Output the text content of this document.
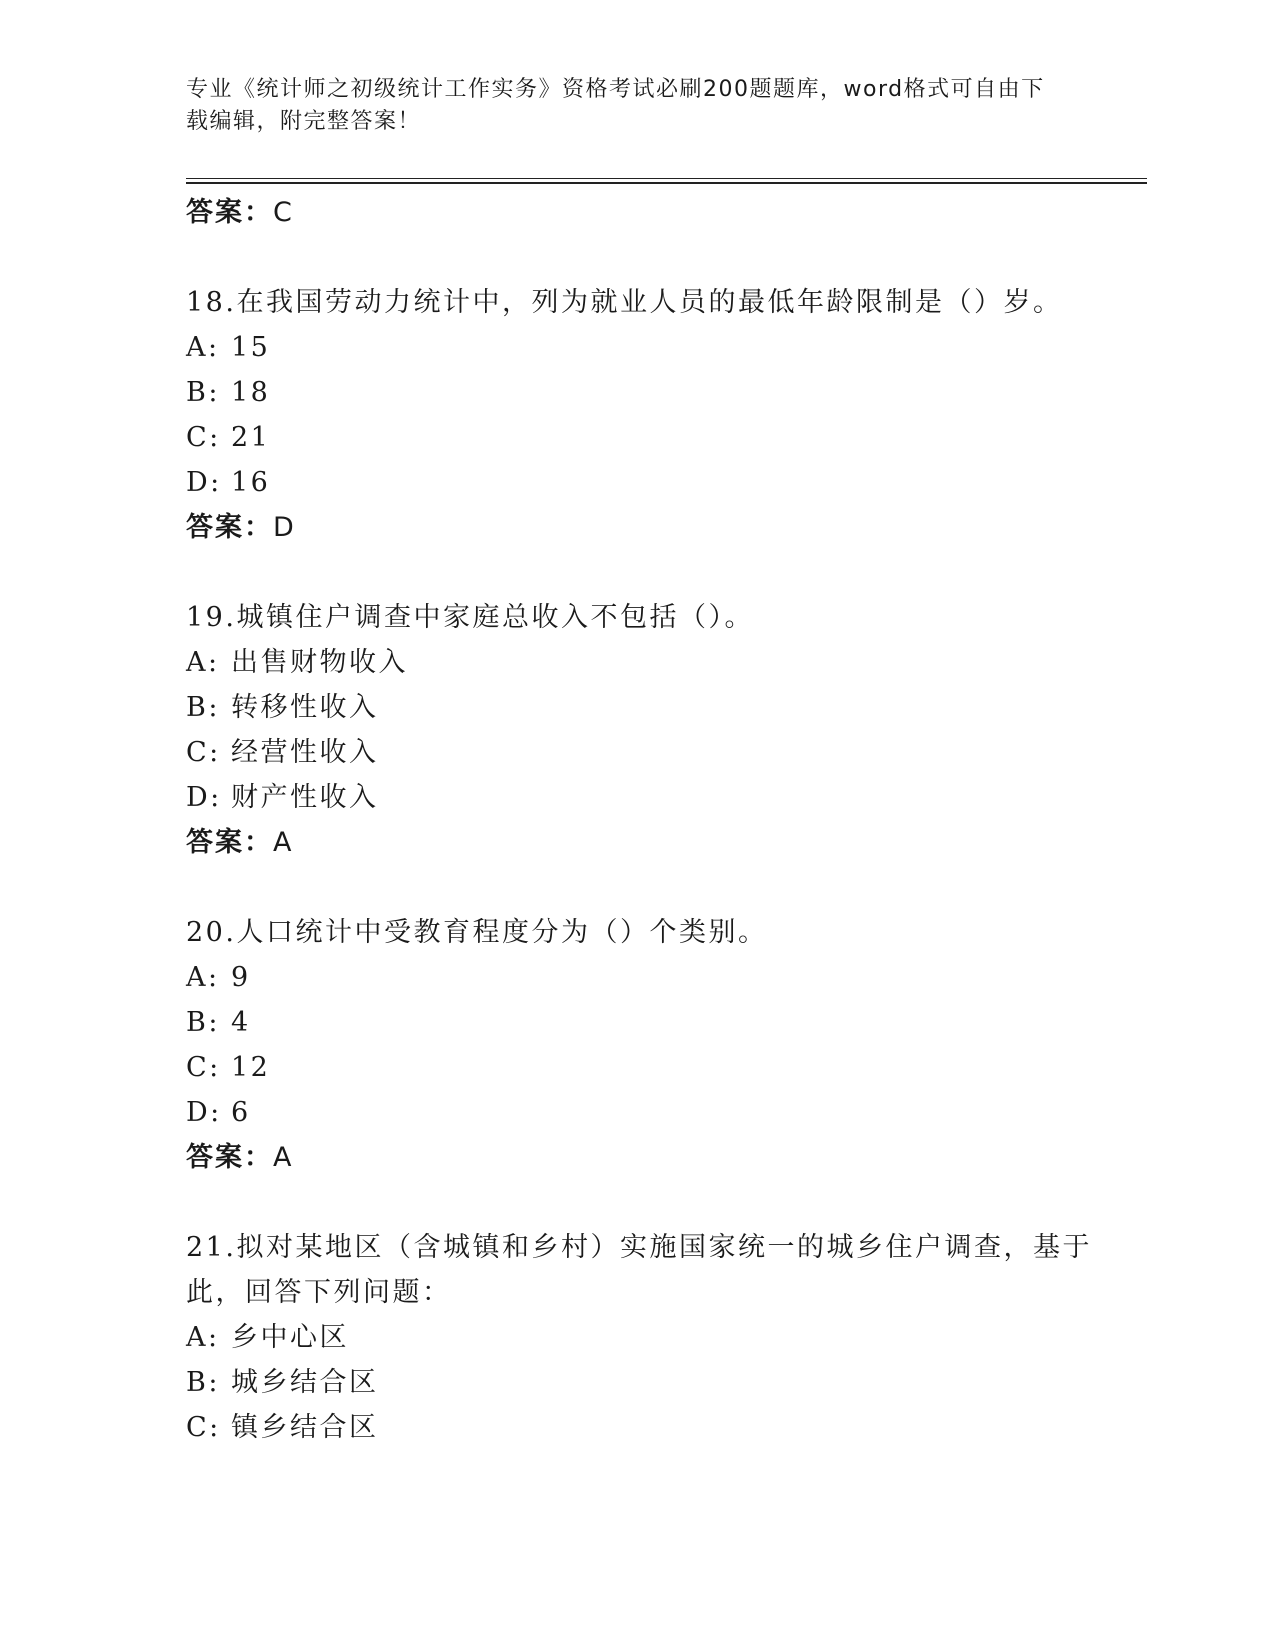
专业《统计师之初级统计工作实务》资格考试必刷200题题库，word格式可自由下载编辑，附完整答案！
答案：C
18.在我国劳动力统计中，列为就业人员的最低年龄限制是（）岁。
A: 15
B: 18
C: 21
D: 16
答案：D
19.城镇住户调查中家庭总收入不包括（）。
A: 出售财物收入
B: 转移性收入
C: 经营性收入
D: 财产性收入
答案：A
20.人口统计中受教育程度分为（）个类别。
A: 9
B: 4
C: 12
D: 6
答案：A
21.拟对某地区（含城镇和乡村）实施国家统一的城乡住户调查，基于
此，回答下列问题：
A: 乡中心区
B: 城乡结合区
C: 镇乡结合区
